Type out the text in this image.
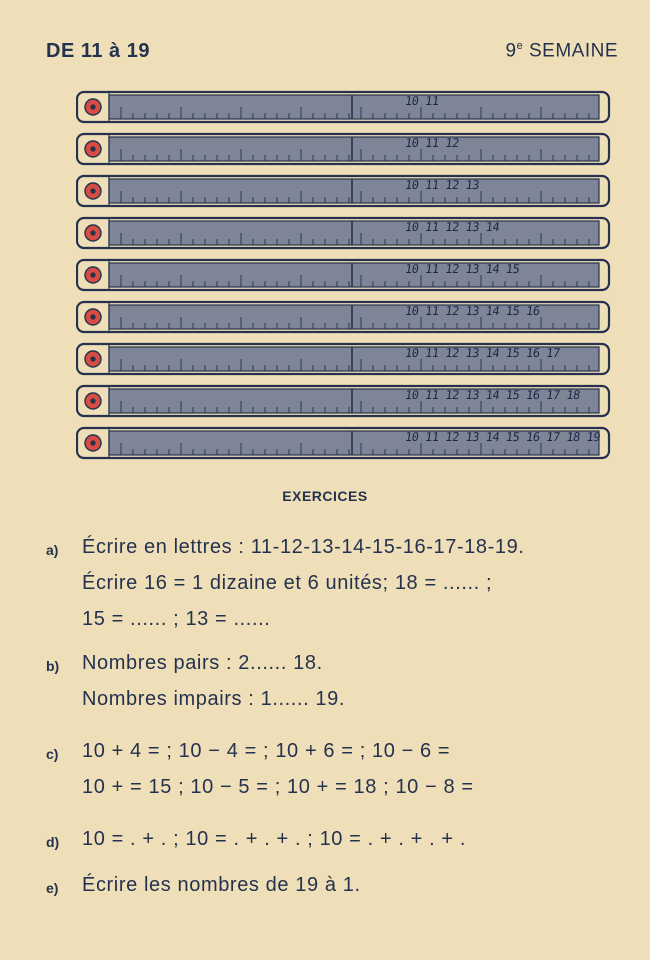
DE 11 à 19	9e SEMAINE
10 11
10 11 12
10 11 12 13
10 11 12 13 14
10 11 12 13 14 15
10 11 12 13 14 15 16
10 11 12 13 14 15 16 17
10 11 12 13 14 15 16 17 18
10 11 12 13 14 15 16 17 18 19
EXERCICES
a) Écrire en lettres : 11-12-13-14-15-16-17-18-19.
Écrire 16 = 1 dizaine et 6 unités; 18 = ...... ;
15 = ...... ; 13 = ......
b) Nombres pairs : 2...... 18.
Nombres impairs : 1...... 19.
c) 10 + 4 = ; 10 − 4 = ; 10 + 6 = ; 10 − 6 =
10 + = 15 ; 10 − 5 = ; 10 + = 18 ; 10 − 8 =
d) 10 = . + . ; 10 = . + . + . ; 10 = . + . + . + .
e) Écrire les nombres de 19 à 1.
